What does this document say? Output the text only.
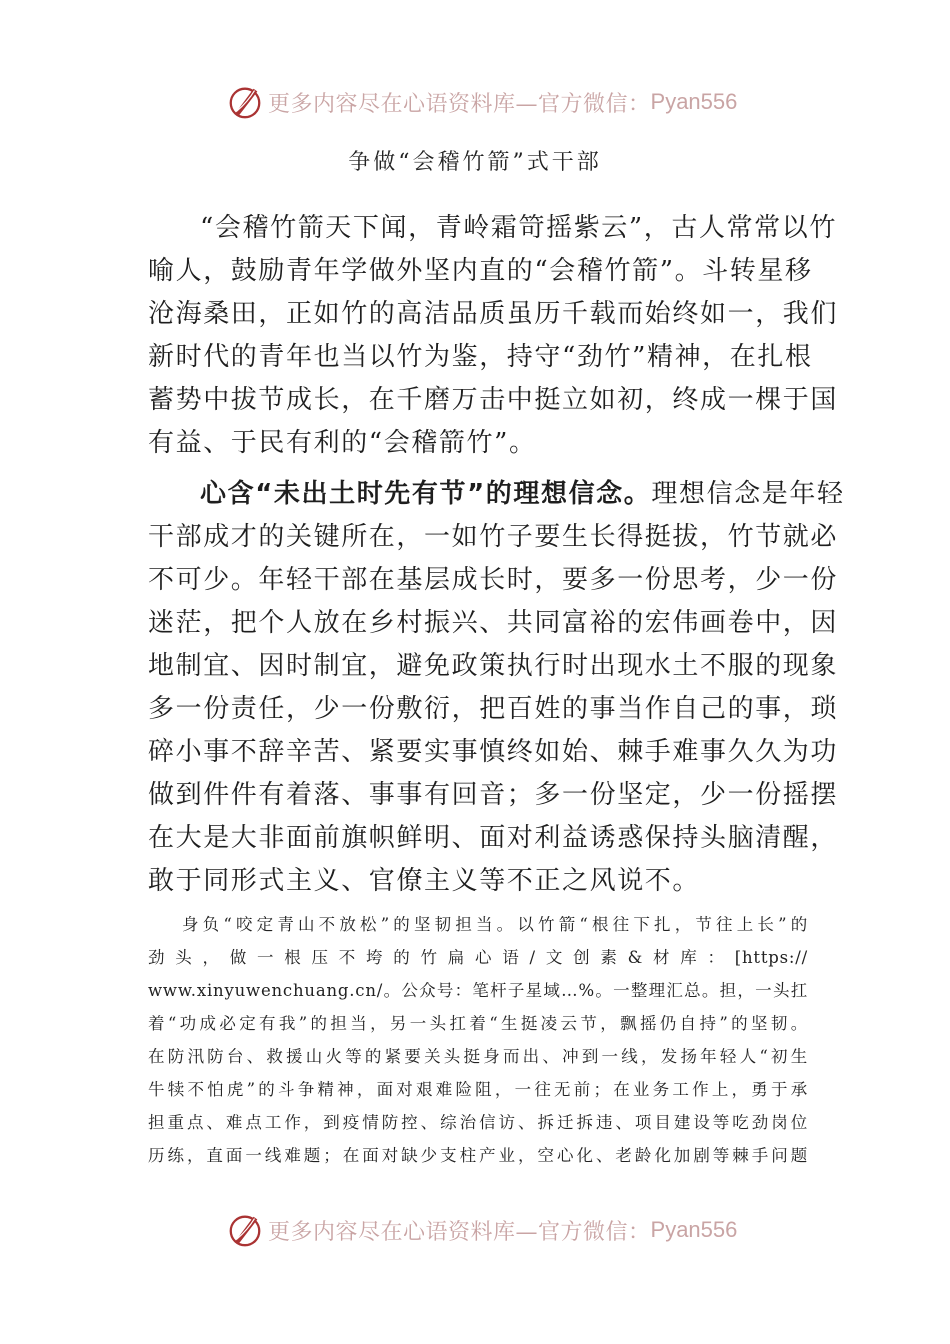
更多内容尽在心语资料库—官方微信： Pyan556
争做“会稽竹箭”式干部
“会稽竹箭天下闻，青岭霜笴摇紫云”，古人常常以竹
喻人，鼓励青年学做外坚内直的“会稽竹箭”。斗转星移
沧海桑田，正如竹的高洁品质虽历千载而始终如一，我们
新时代的青年也当以竹为鉴，持守“劲竹”精神，在扎根
蓄势中拔节成长，在千磨万击中挺立如初，终成一棵于国
有益、于民有利的“会稽箭竹”。
心含“未出土时先有节”的理想信念。理想信念是年轻
干部成才的关键所在，一如竹子要生长得挺拔，竹节就必
不可少。年轻干部在基层成长时，要多一份思考，少一份
迷茫，把个人放在乡村振兴、共同富裕的宏伟画卷中，因
地制宜、因时制宜，避免政策执行时出现水土不服的现象
多一份责任，少一份敷衍，把百姓的事当作自己的事，琐
碎小事不辞辛苦、紧要实事慎终如始、棘手难事久久为功
做到件件有着落、事事有回音；多一份坚定，少一份摇摆
在大是大非面前旗帜鲜明、面对利益诱惑保持头脑清醒，
敢于同形式主义、官僚主义等不正之风说不。
身负“咬定青山不放松”的坚韧担当。以竹箭“根往下扎，节往上长”的
劲头，做一根压不垮的竹扁心语/文创素&材库：[https://
www.xinyuwenchuang.cn/。公众号：笔杆子星域…%。一整理汇总。担，一头扛
着“功成必定有我”的担当，另一头扛着“生挺凌云节，飘摇仍自持”的坚韧。
在防汛防台、救援山火等的紧要关头挺身而出、冲到一线，发扬年轻人“初生
牛犊不怕虎”的斗争精神，面对艰难险阻，一往无前；在业务工作上，勇于承
担重点、难点工作，到疫情防控、综治信访、拆迁拆违、项目建设等吃劲岗位
历练，直面一线难题；在面对缺少支柱产业，空心化、老龄化加剧等棘手问题
更多内容尽在心语资料库—官方微信： Pyan556
